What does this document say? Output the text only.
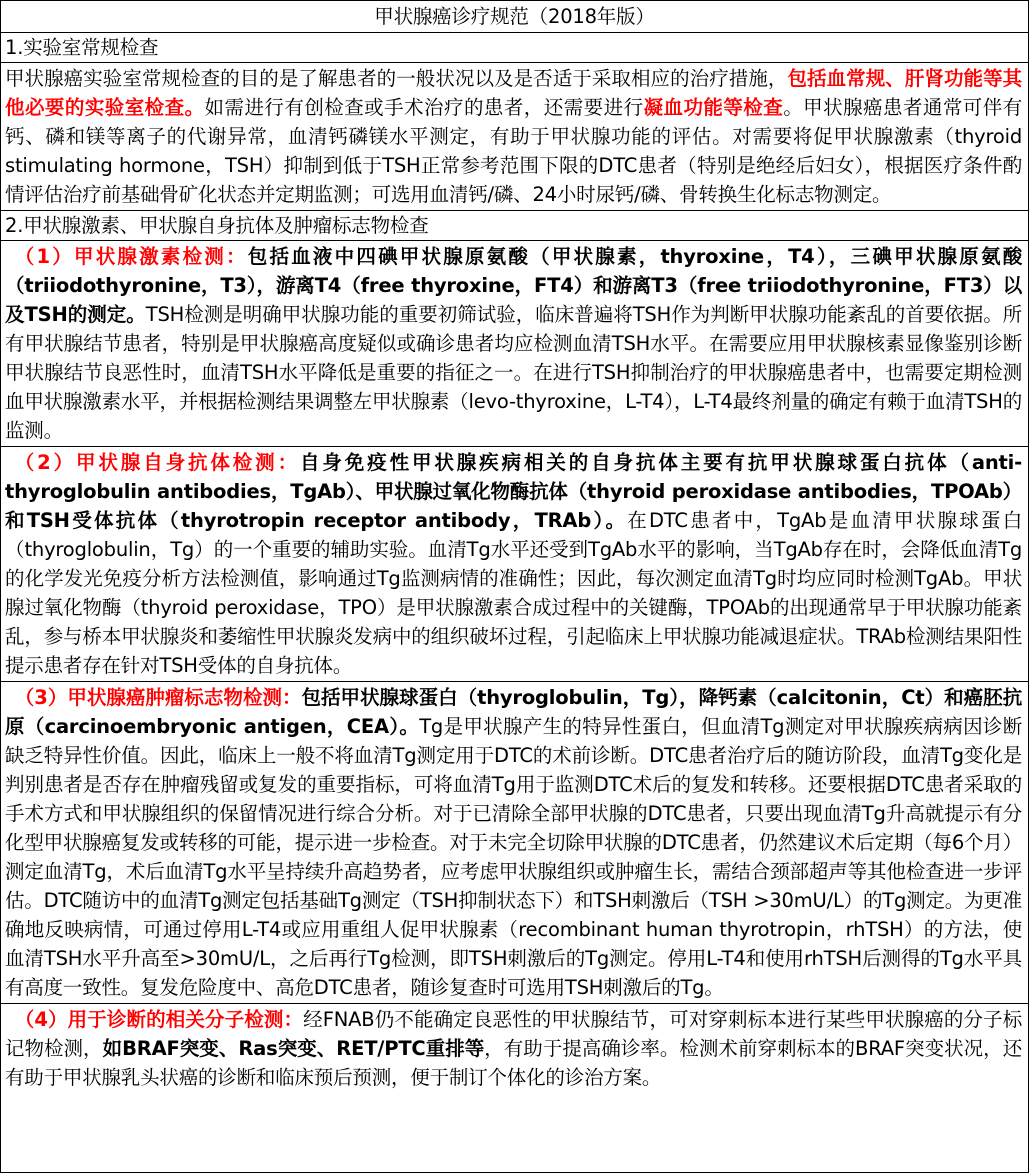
甲状腺癌诊疗规范（2018年版）
1.实验室常规检查
甲状腺癌实验室常规检查的目的是了解患者的一般状况以及是否适于采取相应的治疗措施，包括血常规、肝肾功能等其他必要的实验室检查。如需进行有创检查或手术治疗的患者，还需要进行凝血功能等检查。甲状腺癌患者通常可伴有钙、磷和镁等离子的代谢异常，血清钙磷镁水平测定，有助于甲状腺功能的评估。对需要将促甲状腺激素（thyroid stimulating hormone，TSH）抑制到低于TSH正常参考范围下限的DTC患者（特别是绝经后妇女），根据医疗条件酌情评估治疗前基础骨矿化状态并定期监测；可选用血清钙/磷、24小时尿钙/磷、骨转换生化标志物测定。
2.甲状腺激素、甲状腺自身抗体及肿瘤标志物检查
（1）甲状腺激素检测：包括血液中四碘甲状腺原氨酸（甲状腺素，thyroxine，T4），三碘甲状腺原氨酸（triiodothyronine，T3），游离T4（free thyroxine，FT4）和游离T3（free triiodothyronine，FT3）以及TSH的测定。TSH检测是明确甲状腺功能的重要初筛试验，临床普遍将TSH作为判断甲状腺功能紊乱的首要依据。所有甲状腺结节患者，特别是甲状腺癌高度疑似或确诊患者均应检测血清TSH水平。在需要应用甲状腺核素显像鉴别诊断甲状腺结节良恶性时，血清TSH水平降低是重要的指征之一。在进行TSH抑制治疗的甲状腺癌患者中，也需要定期检测血甲状腺激素水平，并根据检测结果调整左甲状腺素（levo-thyroxine，L-T4），L-T4最终剂量的确定有赖于血清TSH的监测。
（2）甲状腺自身抗体检测：自身免疫性甲状腺疾病相关的自身抗体主要有抗甲状腺球蛋白抗体（anti-thyroglobulin antibodies，TgAb）、甲状腺过氧化物酶抗体（thyroid peroxidase antibodies，TPOAb）和TSH受体抗体（thyrotropin receptor antibody，TRAb）。在DTC患者中，TgAb是血清甲状腺球蛋白（thyroglobulin，Tg）的一个重要的辅助实验。血清Tg水平还受到TgAb水平的影响，当TgAb存在时，会降低血清Tg的化学发光免疫分析方法检测值，影响通过Tg监测病情的准确性；因此，每次测定血清Tg时均应同时检测TgAb。甲状腺过氧化物酶（thyroid peroxidase，TPO）是甲状腺激素合成过程中的关键酶，TPOAb的出现通常早于甲状腺功能紊乱，参与桥本甲状腺炎和萎缩性甲状腺炎发病中的组织破坏过程，引起临床上甲状腺功能减退症状。TRAb检测结果阳性提示患者存在针对TSH受体的自身抗体。
（3）甲状腺癌肿瘤标志物检测：包括甲状腺球蛋白（thyroglobulin，Tg），降钙素（calcitonin，Ct）和癌胚抗原（carcinoembryonic antigen，CEA）。Tg是甲状腺产生的特异性蛋白，但血清Tg测定对甲状腺疾病病因诊断缺乏特异性价值。因此，临床上一般不将血清Tg测定用于DTC的术前诊断。DTC患者治疗后的随访阶段，血清Tg变化是判别患者是否存在肿瘤残留或复发的重要指标，可将血清Tg用于监测DTC术后的复发和转移。还要根据DTC患者采取的手术方式和甲状腺组织的保留情况进行综合分析。对于已清除全部甲状腺的DTC患者，只要出现血清Tg升高就提示有分化型甲状腺癌复发或转移的可能，提示进一步检查。对于未完全切除甲状腺的DTC患者，仍然建议术后定期（每6个月）测定血清Tg，术后血清Tg水平呈持续升高趋势者，应考虑甲状腺组织或肿瘤生长，需结合颈部超声等其他检查进一步评估。DTC随访中的血清Tg测定包括基础Tg测定（TSH抑制状态下）和TSH刺激后（TSH >30mU/L）的Tg测定。为更准确地反映病情，可通过停用L-T4或应用重组人促甲状腺素（recombinant human thyrotropin，rhTSH）的方法，使血清TSH水平升高至>30mU/L，之后再行Tg检测，即TSH刺激后的Tg测定。停用L-T4和使用rhTSH后测得的Tg水平具有高度一致性。复发危险度中、高危DTC患者，随诊复查时可选用TSH刺激后的Tg。
（4）用于诊断的相关分子检测：经FNAB仍不能确定良恶性的甲状腺结节，可对穿刺标本进行某些甲状腺癌的分子标记物检测，如BRAF突变、Ras突变、RET/PTC重排等，有助于提高确诊率。检测术前穿刺标本的BRAF突变状况，还有助于甲状腺乳头状癌的诊断和临床预后预测，便于制订个体化的诊治方案。
